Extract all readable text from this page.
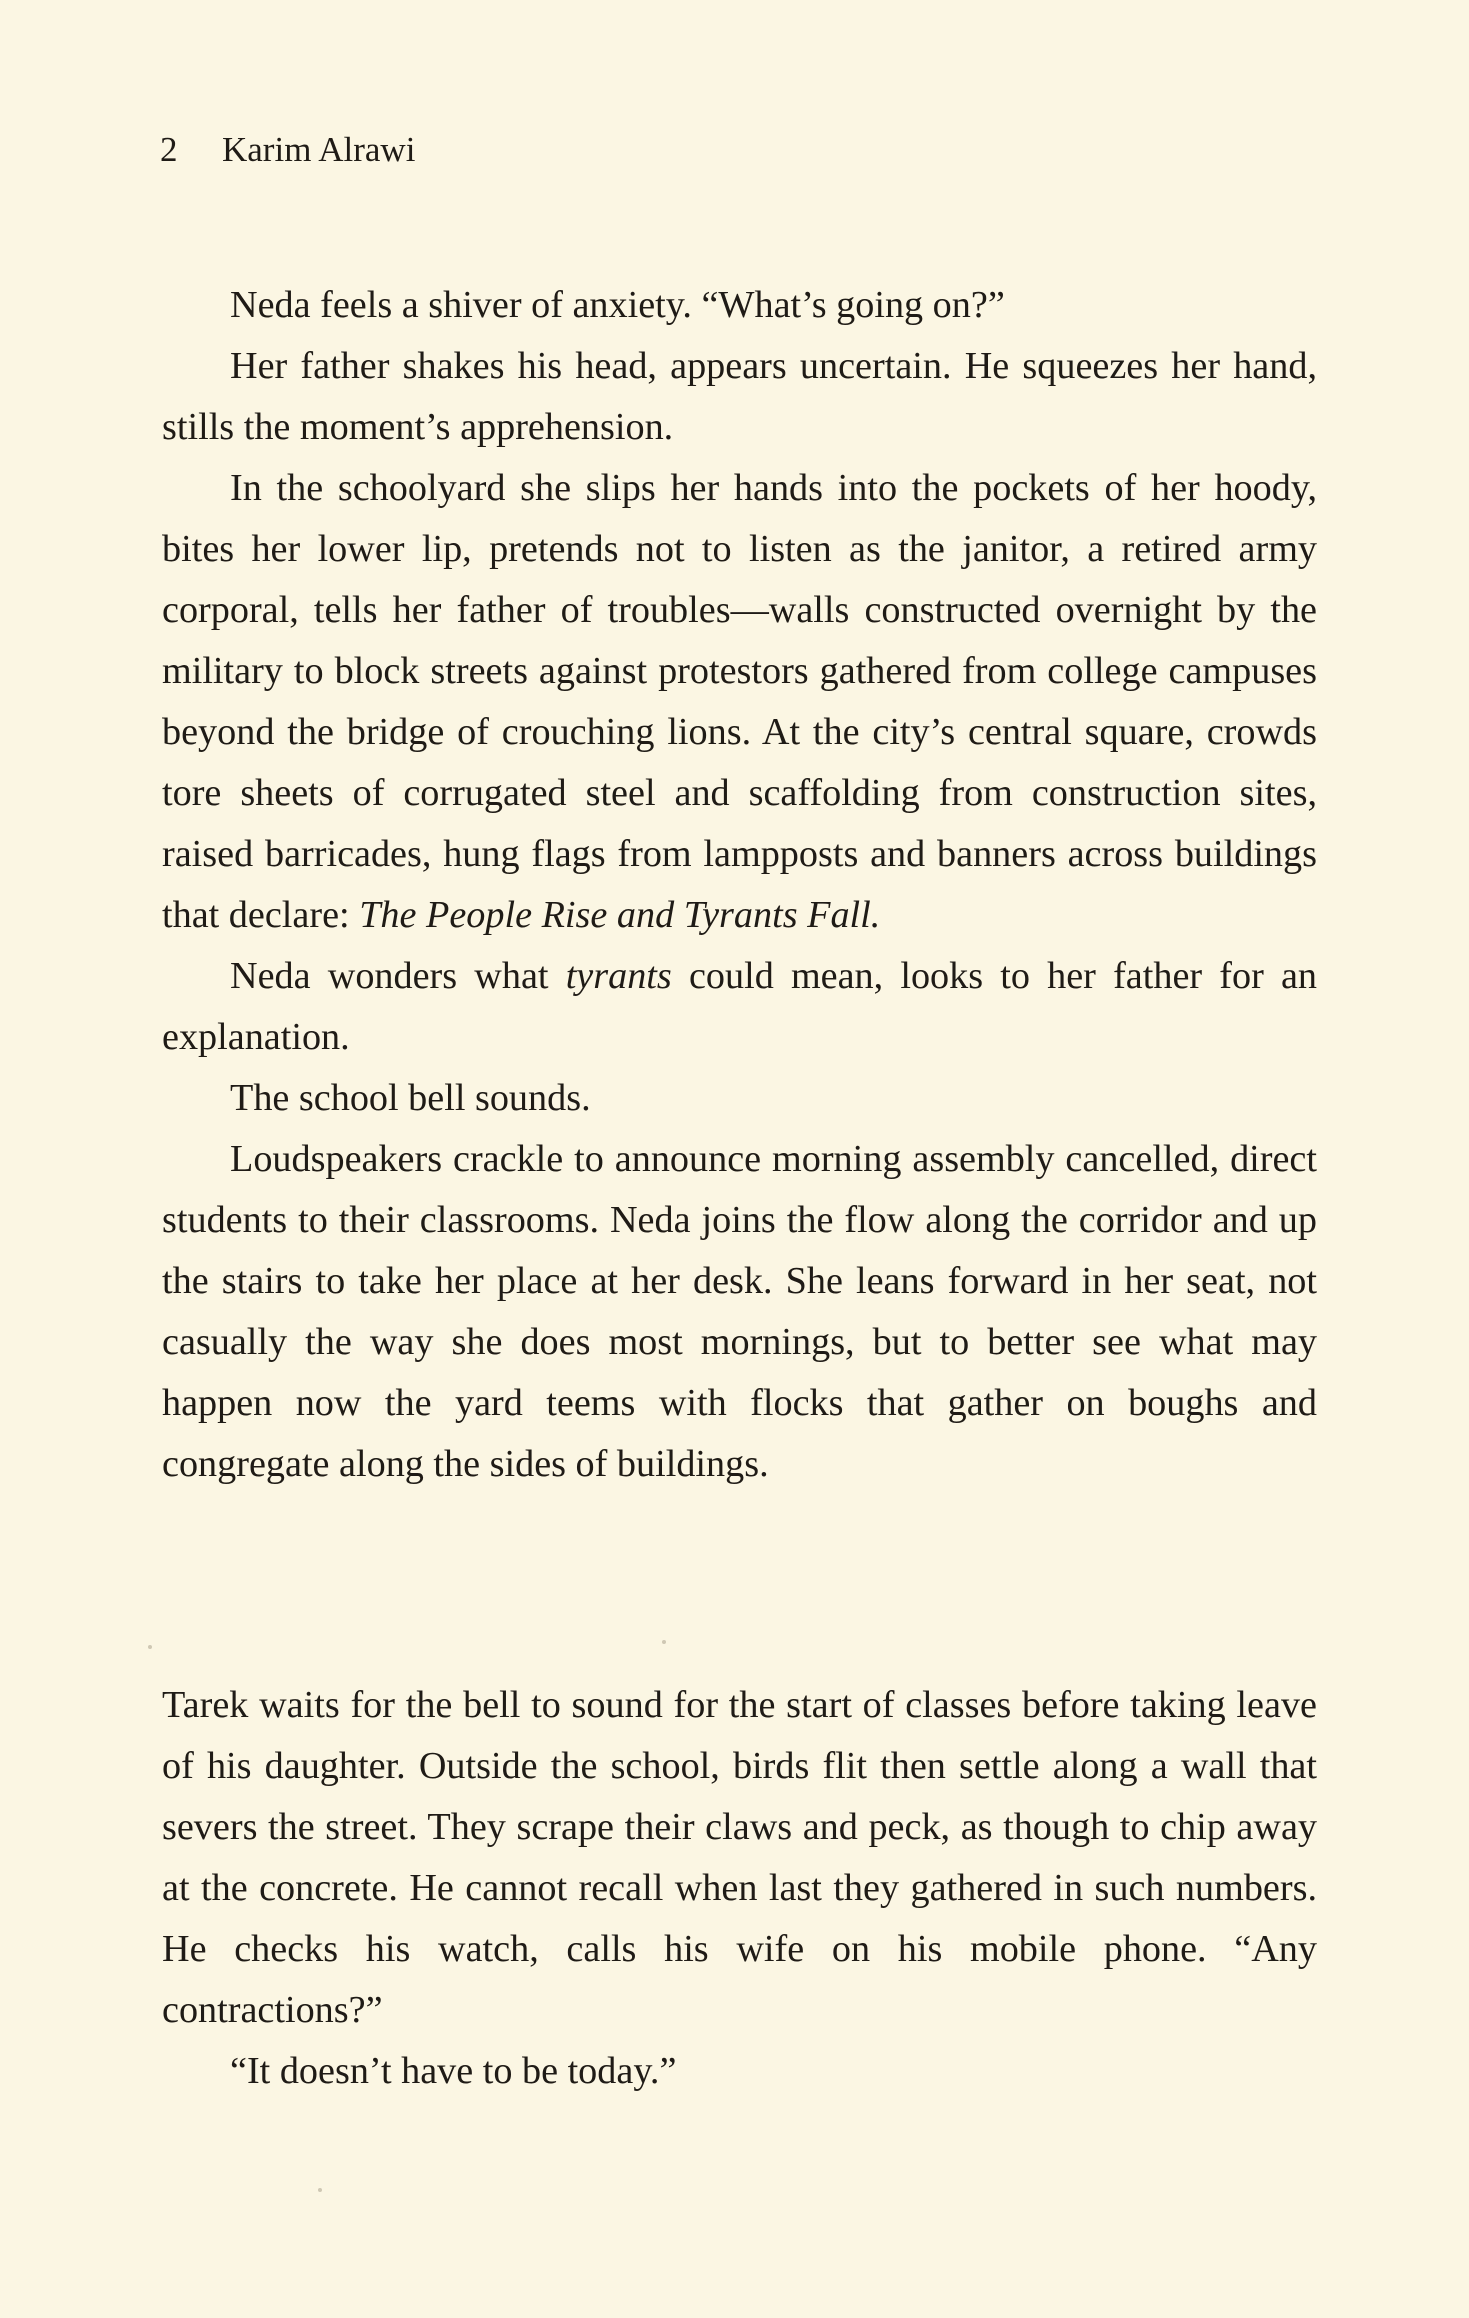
2 Karim Alrawi

Neda feels a shiver of anxiety. “What’s going on?”

Her father shakes his head, appears uncertain. He squeezes her hand, stills the moment’s apprehension.

In the schoolyard she slips her hands into the pockets of her hoody, bites her lower lip, pretends not to listen as the janitor, a retired army corporal, tells her father of troubles—walls constructed overnight by the military to block streets against protestors gathered from college campuses beyond the bridge of crouching lions. At the city’s central square, crowds tore sheets of corrugated steel and scaffolding from construction sites, raised barricades, hung flags from lampposts and banners across buildings that declare: The People Rise and Tyrants Fall.

Neda wonders what tyrants could mean, looks to her father for an explanation.

The school bell sounds.

Loudspeakers crackle to announce morning assembly cancelled, direct students to their classrooms. Neda joins the flow along the corridor and up the stairs to take her place at her desk. She leans forward in her seat, not casually the way she does most mornings, but to better see what may happen now the yard teems with flocks that gather on boughs and congregate along the sides of buildings.

Tarek waits for the bell to sound for the start of classes before taking leave of his daughter. Outside the school, birds flit then settle along a wall that severs the street. They scrape their claws and peck, as though to chip away at the concrete. He cannot recall when last they gathered in such numbers. He checks his watch, calls his wife on his mobile phone. “Any contractions?”

“It doesn’t have to be today.”
